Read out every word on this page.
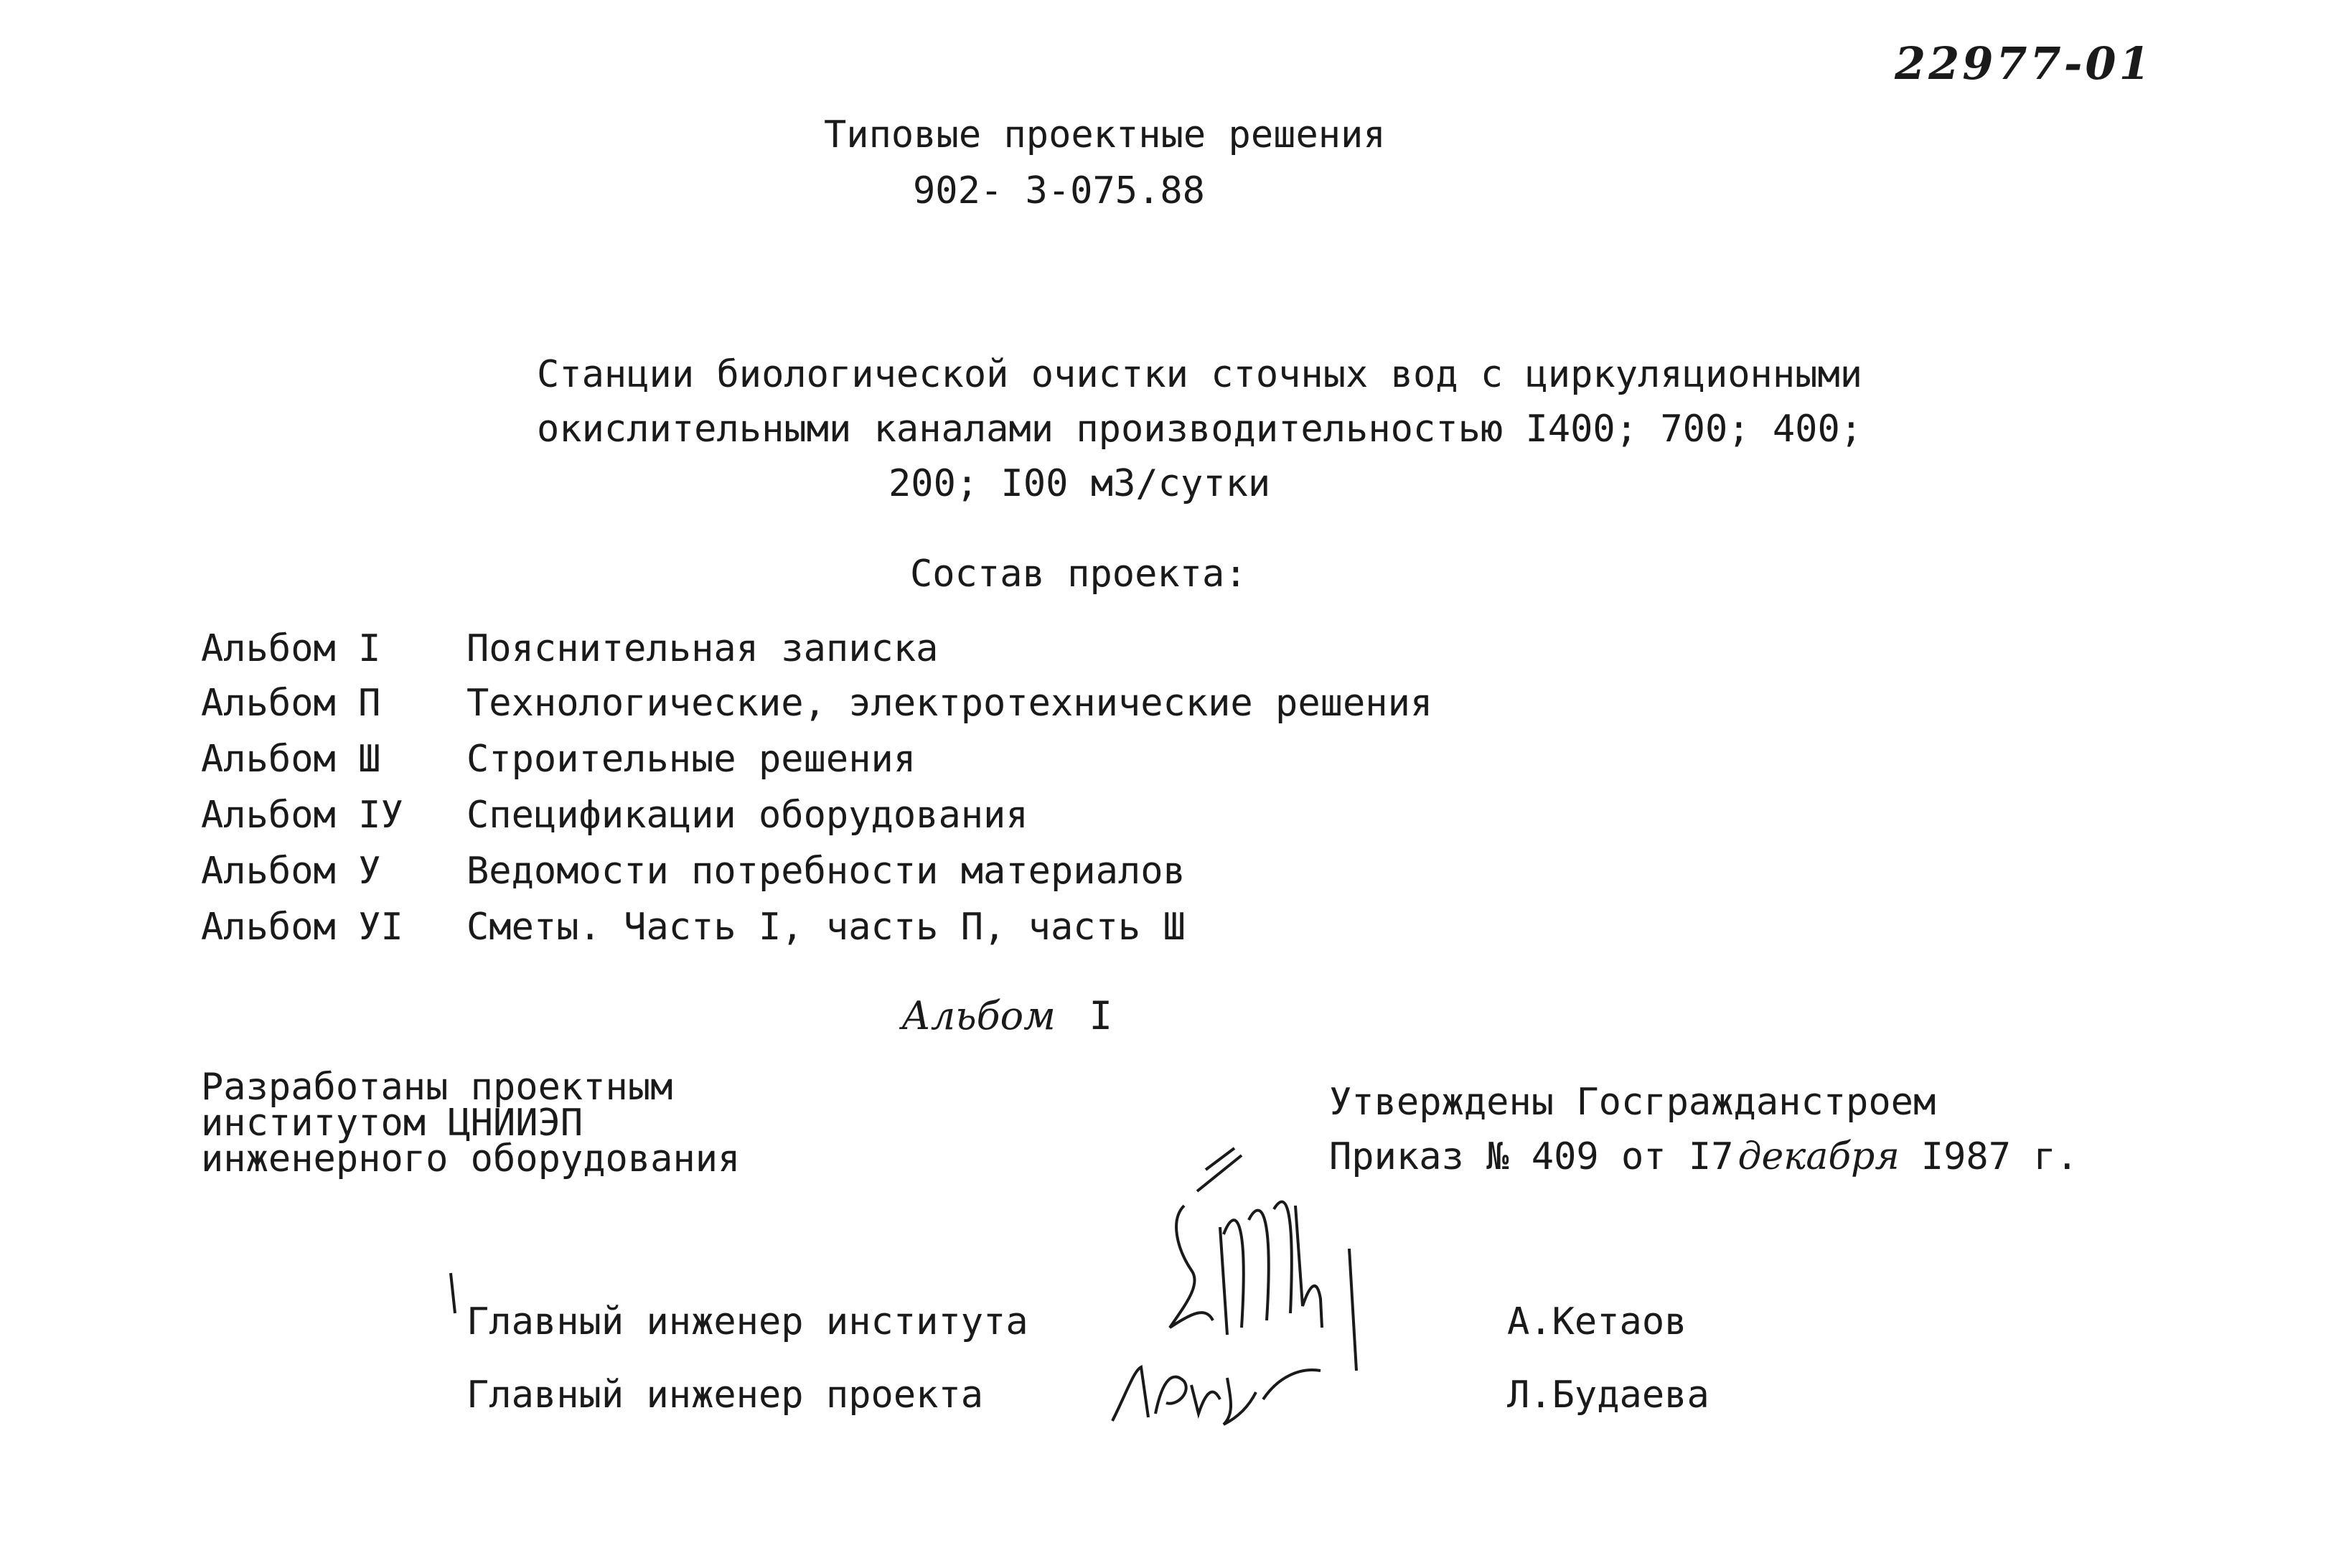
22977-01
Типовые проектные решения
902- 3-075.88
Станции биологической очистки сточных вод с циркуляционными
окислительными каналами производительностью I400; 700; 400;
200; I00 м3/сутки
Состав проекта:
Альбом I Пояснительная записка
Альбом П Технологические, электротехнические решения
Альбом Ш Строительные решения
Альбом IУ Спецификации оборудования
Альбом У Ведомости потребности материалов
Альбом УI Сметы. Часть I, часть П, часть Ш
Альбом I
Разработаны проектным
институтом ЦНИИЭП
инженерного оборудования
Утверждены Госгражданстроем
Приказ № 409 от I7 декабря I987 г.
Главный инженер института	А.Кетаов
Главный инженер проекта	Л.Будаева
